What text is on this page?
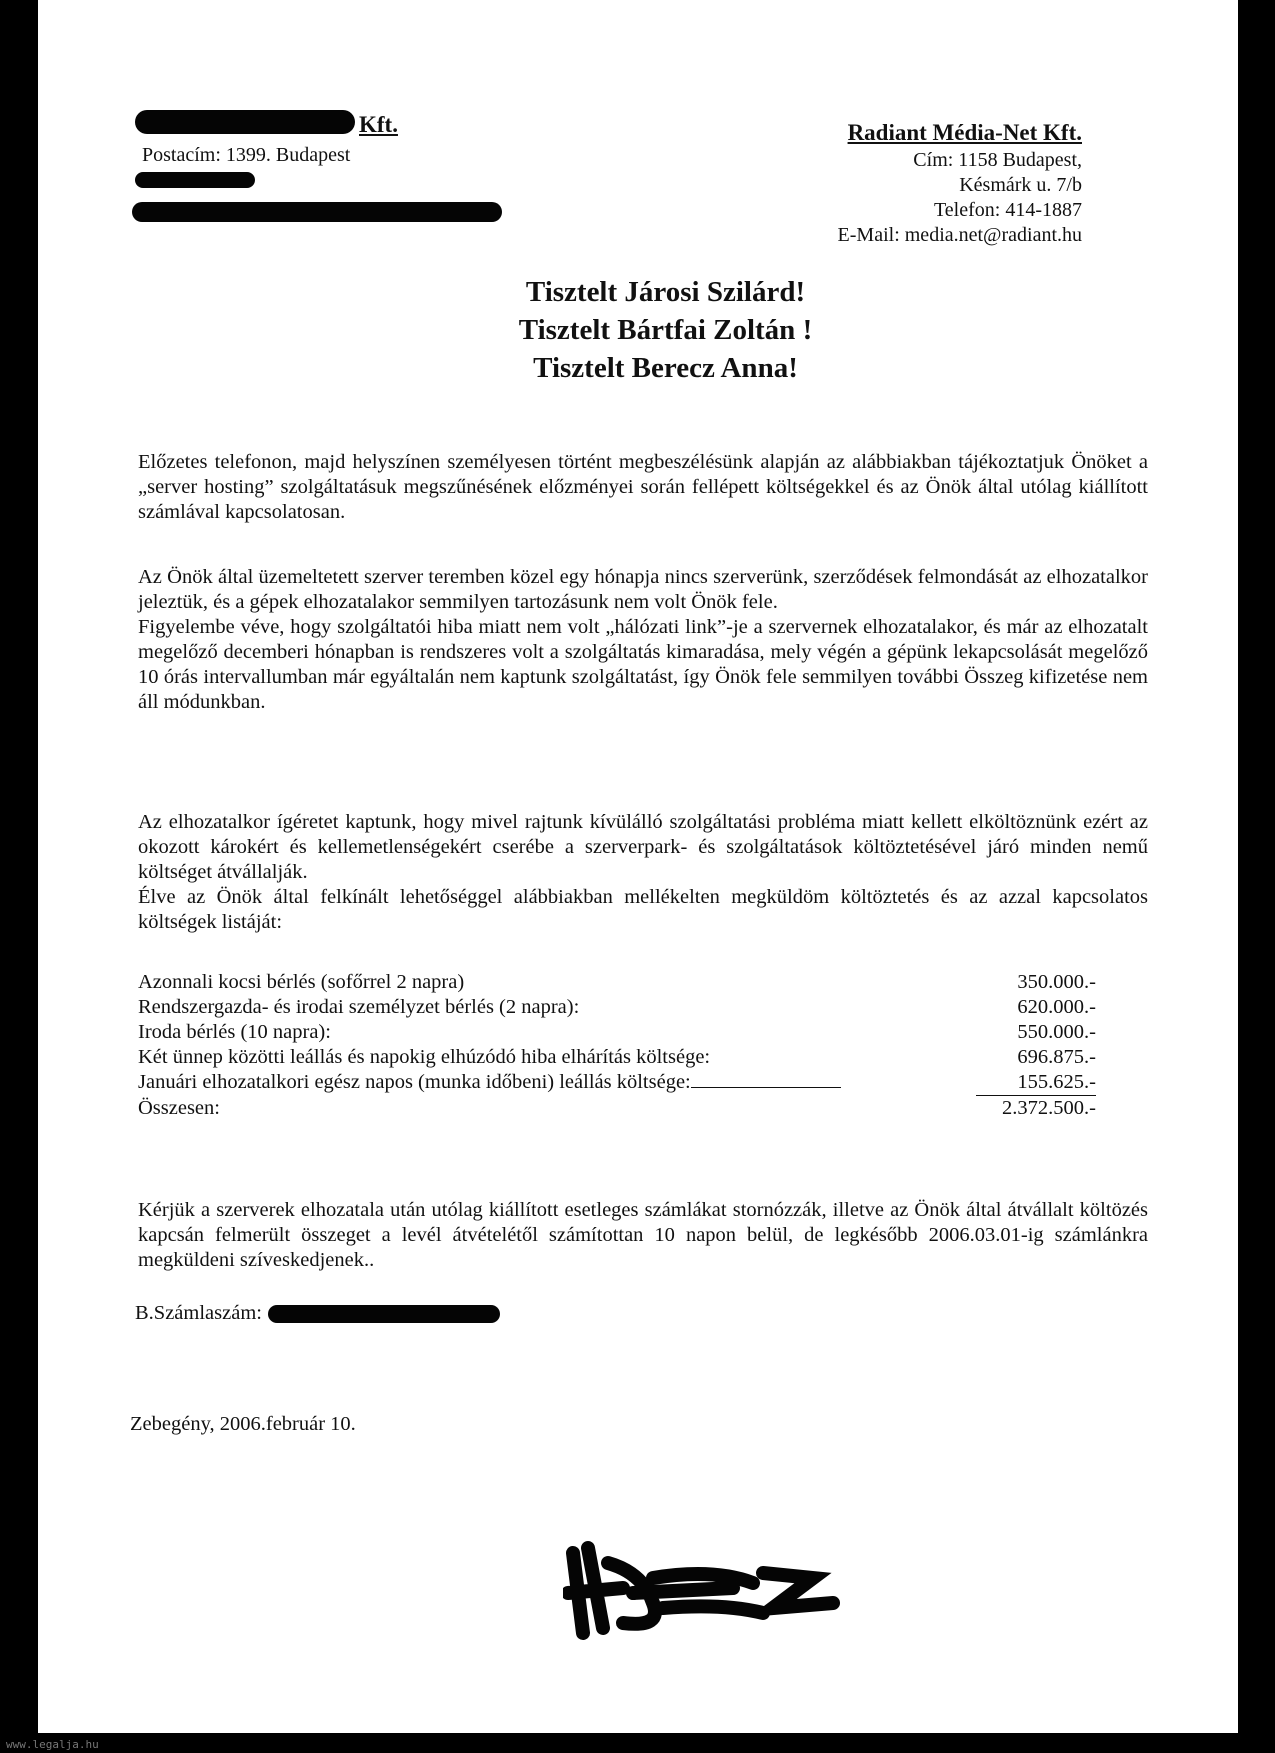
Kft.
Postacím: 1399. Budapest
Radiant Média-Net Kft.
Cím: 1158 Budapest,
Késmárk u. 7/b
Telefon: 414-1887
E-Mail: media.net@radiant.hu
Tisztelt Járosi Szilárd!
Tisztelt Bártfai Zoltán !
Tisztelt Berecz Anna!

Előzetes telefonon, majd helyszínen személyesen történt megbeszélésünk alapján az alábbiakban tájékoztatjuk Önöket a „server hosting” szolgáltatásuk megszűnésének előzményei során fellépett költségekkel és az Önök által utólag kiállított számlával kapcsolatosan.

Az Önök által üzemeltetett szerver teremben közel egy hónapja nincs szerverünk, szerződések felmondását az elhozatalkor jeleztük, és a gépek elhozatalakor semmilyen tartozásunk nem volt Önök fele.

Figyelembe véve, hogy szolgáltatói hiba miatt nem volt „hálózati link”-je a szervernek elhozatalakor, és már az elhozatalt megelőző decemberi hónapban is rendszeres volt a szolgáltatás kimaradása, mely végén a gépünk lekapcsolását megelőző 10 órás intervallumban már egyáltalán nem kaptunk szolgáltatást, így Önök fele semmilyen további Összeg kifizetése nem áll módunkban.

Az elhozatalkor ígéretet kaptunk, hogy mivel rajtunk kívülálló szolgáltatási probléma miatt kellett elköltöznünk ezért az okozott károkért és kellemetlenségekért cserébe a szerverpark- és szolgáltatások költöztetésével járó minden nemű költséget átvállalják.

Élve az Önök által felkínált lehetőséggel alábbiakban mellékelten megküldöm költöztetés és az azzal kapcsolatos költségek listáját:

Azonnali kocsi bérlés (sofőrrel 2 napra)	350.000.-
Rendszergazda- és irodai személyzet bérlés (2 napra):	620.000.-
Iroda bérlés (10 napra):	550.000.-
Két ünnep közötti leállás és napokig elhúzódó hiba elhárítás költsége:	696.875.-
Januári elhozatalkori egész napos (munka időbeni) leállás költsége:	155.625.-
Összesen:	2.372.500.-

Kérjük a szerverek elhozatala után utólag kiállított esetleges számlákat stornózzák, illetve az Önök által átvállalt költözés kapcsán felmerült összeget a levél átvételétől számítottan 10 napon belül, de legkésőbb 2006.03.01-ig számlánkra megküldeni szíveskedjenek..

B.Számlaszám:
Zebegény, 2006.február 10.
www.legalja.hu
